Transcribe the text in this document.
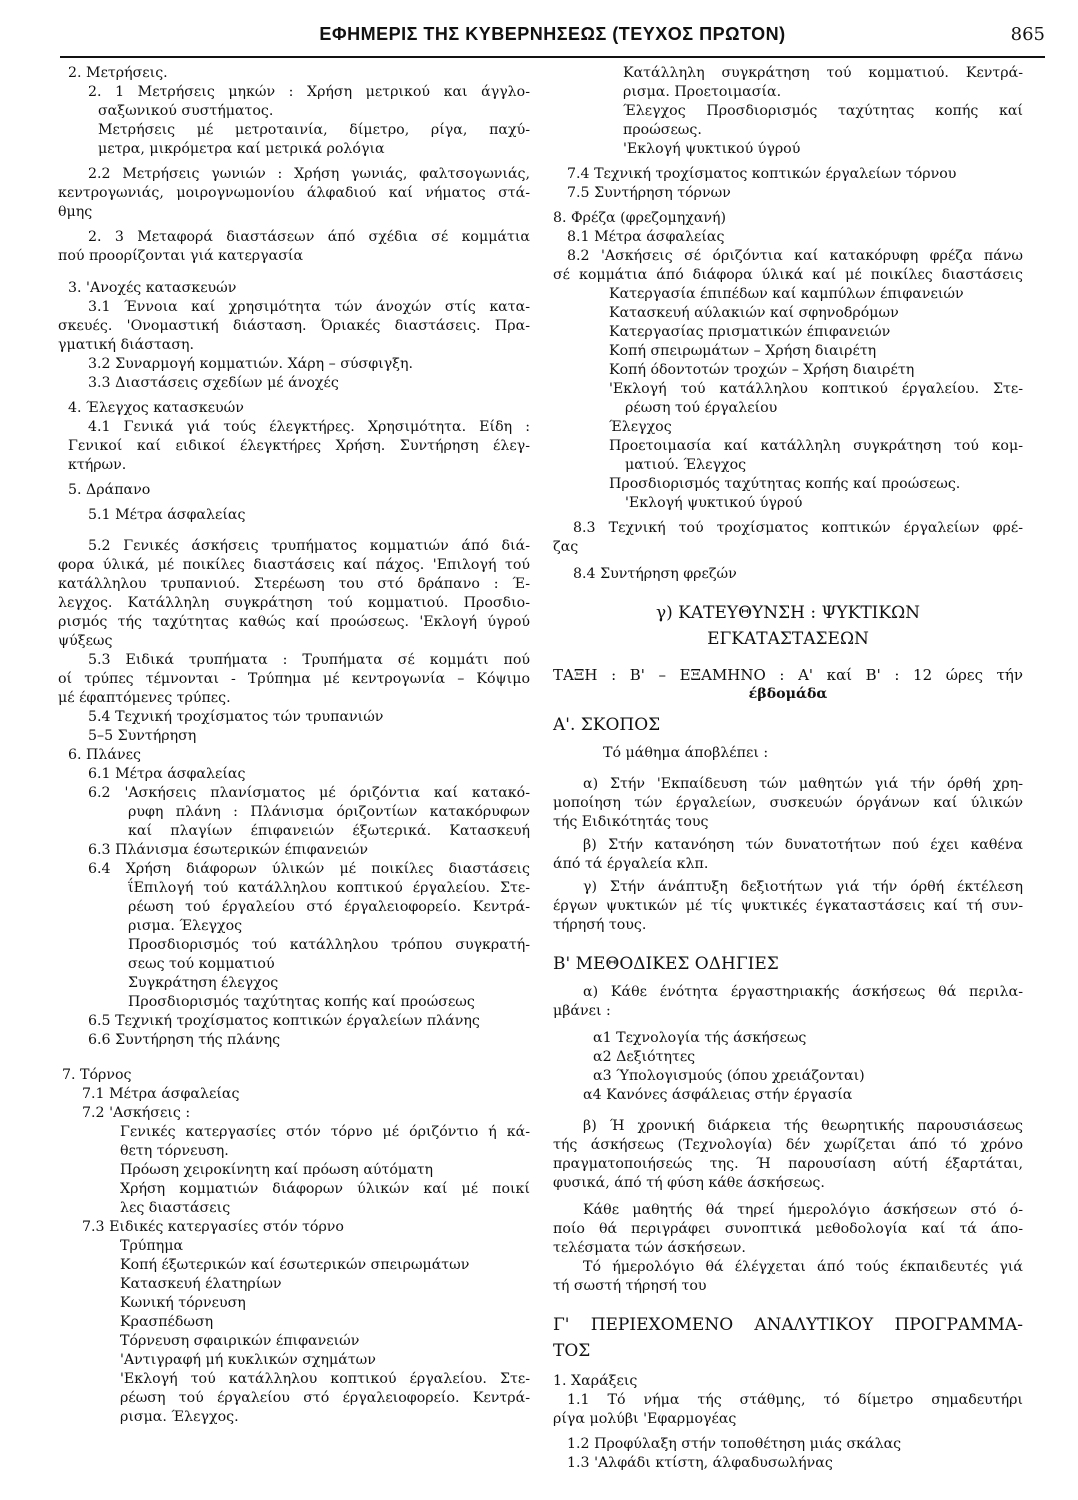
ΕΦΗΜΕΡΙΣ ΤΗΣ ΚΥΒΕΡΝΗΣΕΩΣ (ΤΕΥΧΟΣ ΠΡΩΤΟΝ)	865
2. Μετρήσεις.
2. 1 Μετρήσεις μηκών : Χρήση μετρικού και άγγλο-
σαξωνικού συστήματος.
Μετρήσεις μέ μετροταινία, δίμετρο, ρίγα, παχύ-
μετρα, μικρόμετρα καί μετρικά ρολόγια
2.2 Μετρήσεις γωνιών : Χρήση γωνιάς, φαλτσογωνιάς,
κεντρογωνιάς, μοιρογνωμονίου άλφαδιού καί νήματος στά-
θμης
2. 3 Μεταφορά διαστάσεων άπό σχέδια σέ κομμάτια
πού προορίζονται γιά κατεργασία
3. 'Ανοχές κατασκευών
3.1 Έννοια καί χρησιμότητα τών άνοχών στίς κατα-
σκευές. 'Ονομαστική διάσταση. Όριακές διαστάσεις. Πρα-
γματική διάσταση.
3.2 Συναρμογή κομματιών. Χάρη – σύσφιγξη.
3.3 Διαστάσεις σχεδίων μέ άνοχές
4. Έλεγχος κατασκευών
4.1 Γενικά γιά τούς έλεγκτήρες. Χρησιμότητα. Είδη :
Γενικοί καί ειδικοί έλεγκτήρες Χρήση. Συντήρηση έλεγ-
κτήρων.
5. Δράπανο
5.1 Μέτρα άσφαλείας
5.2 Γενικές άσκήσεις τρυπήματος κομματιών άπό διά-
φορα ύλικά, μέ ποικίλες διαστάσεις καί πάχος. 'Επιλογή τού
κατάλληλου τρυπανιού. Στερέωση του στό δράπανο : Έ-
λεγχος. Κατάλληλη συγκράτηση τού κομματιού. Προσδιο-
ρισμός τής ταχύτητας καθώς καί προώσεως. 'Εκλογή ύγρού
ψύξεως
5.3 Ειδικά τρυπήματα : Τρυπήματα σέ κομμάτι πού
οί τρύπες τέμνονται - Τρύπημα μέ κεντρογωνία – Κόψιμο
μέ έφαπτόμενες τρύπες.
5.4 Τεχνική τροχίσματος τών τρυπανιών
5–5 Συντήρηση
6. Πλάνες
6.1 Μέτρα άσφαλείας
6.2 'Ασκήσεις πλανίσματος μέ όριζόντια καί κατακό-
ρυφη πλάνη : Πλάνισμα όριζοντίων κατακόρυφων
καί πλαγίων έπιφανειών έξωτερικά. Κατασκευή
6.3 Πλάνισμα έσωτερικών έπιφανειών
6.4 Χρήση διάφορων ύλικών μέ ποικίλες διαστάσεις
ΐΕπιλογή τού κατάλληλου κοπτικού έργαλείου. Στε-
ρέωση τού έργαλείου στό έργαλειοφορείο. Κεντρά-
ρισμα. Έλεγχος
Προσδιορισμός τού κατάλληλου τρόπου συγκρατή-
σεως τού κομματιού
Συγκράτηση έλεγχος
Προσδιορισμός ταχύτητας κοπής καί προώσεως
6.5 Τεχνική τροχίσματος κοπτικών έργαλείων πλάνης
6.6 Συντήρηση τής πλάνης
7. Τόρνος
7.1 Μέτρα άσφαλείας
7.2 'Ασκήσεις :
Γενικές κατεργασίες στόν τόρνο μέ όριζόντιο ή κά-
θετη τόρνευση.
Πρόωση χειροκίνητη καί πρόωση αύτόματη
Χρήση κομματιών διάφορων ύλικών καί μέ ποικί
λες διαστάσεις
7.3 Ειδικές κατεργασίες στόν τόρνο
Τρύπημα
Κοπή έξωτερικών καί έσωτερικών σπειρωμάτων
Κατασκευή έλατηρίων
Κωνική τόρνευση
Κρασπέδωση
Τόρνευση σφαιρικών έπιφανειών
'Αντιγραφή μή κυκλικών σχημάτων
'Εκλογή τού κατάλληλου κοπτικού έργαλείου. Στε-
ρέωση τού έργαλείου στό έργαλειοφορείο. Κεντρά-
ρισμα. Έλεγχος.
Κατάλληλη συγκράτηση τού κομματιού. Κεντρά-
ρισμα. Προετοιμασία.
Έλεγχος Προσδιορισμός ταχύτητας κοπής καί
προώσεως.
'Εκλογή ψυκτικού ύγρού
7.4 Τεχνική τροχίσματος κοπτικών έργαλείων τόρνου
7.5 Συντήρηση τόρνων
8. Φρέζα (φρεζομηχανή)
8.1 Μέτρα άσφαλείας
8.2 'Ασκήσεις σέ όριζόντια καί κατακόρυφη φρέζα πάνω
σέ κομμάτια άπό διάφορα ύλικά καί μέ ποικίλες διαστάσεις
Κατεργασία έπιπέδων καί καμπύλων έπιφανειών
Κατασκευή αύλακιών καί σφηνοδρόμων
Κατεργασίας πρισματικών έπιφανειών
Κοπή σπειρωμάτων – Χρήση διαιρέτη
Κοπή όδοντοτών τροχών – Χρήση διαιρέτη
'Εκλογή τού κατάλληλου κοπτικού έργαλείου. Στε-
ρέωση τού έργαλείου
Έλεγχος
Προετοιμασία καί κατάλληλη συγκράτηση τού κομ-
ματιού. Έλεγχος
Προσδιορισμός ταχύτητας κοπής καί προώσεως.
'Εκλογή ψυκτικού ύγρού
8.3 Τεχνική τού τροχίσματος κοπτικών έργαλείων φρέ-
ζας
8.4 Συντήρηση φρεζών
γ) ΚΑΤΕΥΘΥΝΣΗ : ΨΥΚΤΙΚΩΝ
ΕΓΚΑΤΑΣΤΑΣΕΩΝ
ΤΑΞΗ : Β' – ΕΞΑΜΗΝΟ : Α' καί Β' : 12 ώρες τήν
έβδομάδα
Α'. ΣΚΟΠΟΣ
Τό μάθημα άποβλέπει :
α) Στήν 'Εκπαίδευση τών μαθητών γιά τήν όρθή χρη-
μοποίηση τών έργαλείων, συσκευών όργάνων καί ύλικών
τής Ειδικότητάς τους
β) Στήν κατανόηση τών δυνατοτήτων πού έχει καθένα
άπό τά έργαλεία κλπ.
γ) Στήν άνάπτυξη δεξιοτήτων γιά τήν όρθή έκτέλεση
έργων ψυκτικών μέ τίς ψυκτικές έγκαταστάσεις καί τή συν-
τήρησή τους.
Β' ΜΕΘΟΔΙΚΕΣ ΟΔΗΓΙΕΣ
α) Κάθε ένότητα έργαστηριακής άσκήσεως θά περιλα-
μβάνει :
α1 Τεχνολογία τής άσκήσεως
α2 Δεξιότητες
α3 Ύπολογισμούς (όπου χρειάζονται)
α4 Κανόνες άσφάλειας στήν έργασία
β) Ή χρονική διάρκεια τής θεωρητικής παρουσιάσεως
τής άσκήσεως (Τεχνολογία) δέν χωρίζεται άπό τό χρόνο
πραγματοποιήσεώς της. Ή παρουσίαση αύτή έξαρτάται,
φυσικά, άπό τή φύση κάθε άσκήσεως.
Κάθε μαθητής θά τηρεί ήμερολόγιο άσκήσεων στό ό-
ποίο θά περιγράφει συνοπτικά μεθοδολογία καί τά άπο-
τελέσματα τών άσκήσεων.
Τό ήμερολόγιο θά έλέγχεται άπό τούς έκπαιδευτές γιά
τή σωστή τήρησή του
Γ' ΠΕΡΙΕΧΟΜΕΝΟ ΑΝΑΛΥΤΙΚΟΥ ΠΡΟΓΡΑΜΜΑ-
ΤΟΣ
1. Χαράξεις
1.1 Τό νήμα τής στάθμης, τό δίμετρο σημαδευτήρι
ρίγα μολύβι 'Εφαρμογέας
1.2 Προφύλαξη στήν τοποθέτηση μιάς σκάλας
1.3 'Αλφάδι κτίστη, άλφαδυσωλήνας
